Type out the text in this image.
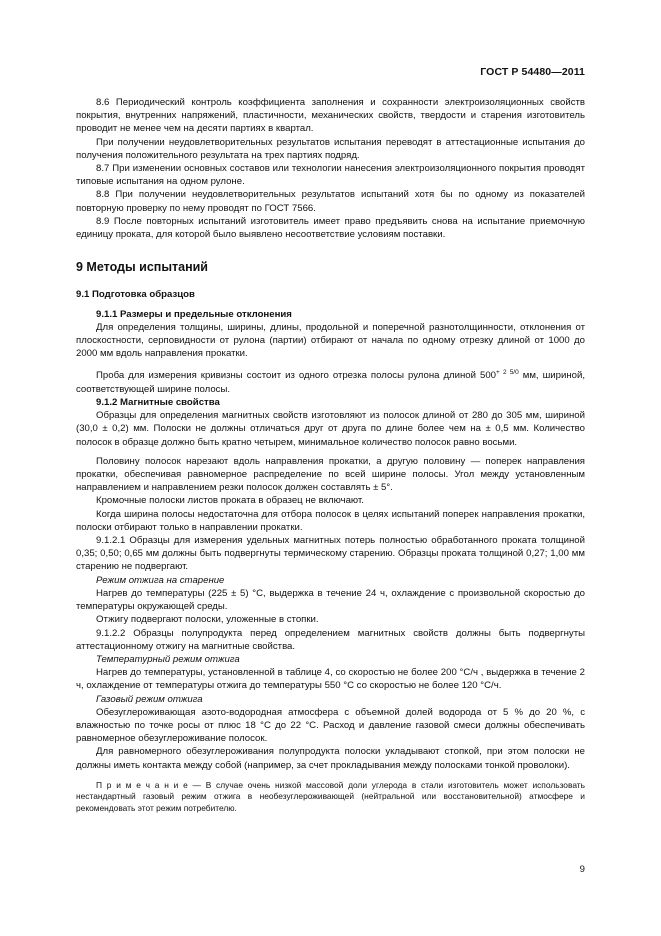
ГОСТ Р 54480—2011

8.6 Периодический контроль коэффициента заполнения и сохранности электроизоляционных свойств покрытия, внутренних напряжений, пластичности, механических свойств, твердости и старения изготовитель проводит не менее чем на десяти партиях в квартал.

При получении неудовлетворительных результатов испытания переводят в аттестационные испытания до получения положительного результата на трех партиях подряд.

8.7 При изменении основных составов или технологии нанесения электроизоляционного покрытия проводят типовые испытания на одном рулоне.

8.8 При получении неудовлетворительных результатов испытаний хотя бы по одному из показателей повторную проверку по нему проводят по ГОСТ 7566.

8.9 После повторных испытаний изготовитель имеет право предъявить снова на испытание приемочную единицу проката, для которой было выявлено несоответствие условиям поставки.

9 Методы испытаний
9.1 Подготовка образцов

9.1.1 Размеры и предельные отклонения

Для определения толщины, ширины, длины, продольной и поперечной разнотолщинности, отклонения от плоскостности, серповидности от рулона (партии) отбирают от начала по одному отрезку длиной от 1000 до 2000 мм вдоль направления прокатки.

Проба для измерения кривизны состоит из одного отрезка полосы рулона длиной $500^{+ 2 5/0}$ мм, шириной, соответствующей ширине полосы.

9.1.2 Магнитные свойства

Образцы для определения магнитных свойств изготовляют из полосок длиной от 280 до 305 мм, шириной (30,0 ± 0,2) мм. Полоски не должны отличаться друг от друга по длине более чем на ± 0,5 мм. Количество полосок в образце должно быть кратно четырем, минимальное количество полосок равно восьми.

Половину полосок нарезают вдоль направления прокатки, а другую половину — поперек направления прокатки, обеспечивая равномерное распределение по всей ширине полосы. Угол между установленным направлением и направлением резки полосок должен составлять ± 5°.

Кромочные полоски листов проката в образец не включают.

Когда ширина полосы недостаточна для отбора полосок в целях испытаний поперек направления прокатки, полоски отбирают только в направлении прокатки.

9.1.2.1 Образцы для измерения удельных магнитных потерь полностью обработанного проката толщиной 0,35; 0,50; 0,65 мм должны быть подвергнуты термическому старению. Образцы проката толщиной 0,27; 1,00 мм старению не подвергают.

Режим отжига на старение

Нагрев до температуры (225 ± 5) °С, выдержка в течение 24 ч, охлаждение с произвольной скоростью до температуры окружающей среды.

Отжигу подвергают полоски, уложенные в стопки.

9.1.2.2 Образцы полупродукта перед определением магнитных свойств должны быть подвергнуты аттестационному отжигу на магнитные свойства.

Температурный режим отжига

Нагрев до температуры, установленной в таблице 4, со скоростью не более 200 °С/ч , выдержка в течение 2 ч, охлаждение от температуры отжига до температуры 550 °С со скоростью не более 120 °С/ч.

Газовый режим отжига

Обезуглероживающая азото-водородная атмосфера с объемной долей водорода от 5 % до 20 %, с влажностью по точке росы от плюс 18 °С до 22 °С. Расход и давление газовой смеси должны обеспечивать равномерное обезуглероживание полосок.

Для равномерного обезуглероживания полупродукта полоски укладывают стопкой, при этом полоски не должны иметь контакта между собой (например, за счет прокладывания между полосками тонкой проволоки).

П р и м е ч а н и е — В случае очень низкой массовой доли углерода в стали изготовитель может использовать нестандартный газовый режим отжига в необезуглероживающей (нейтральной или восстановительной) атмосфере и рекомендовать этот режим потребителю.

9
